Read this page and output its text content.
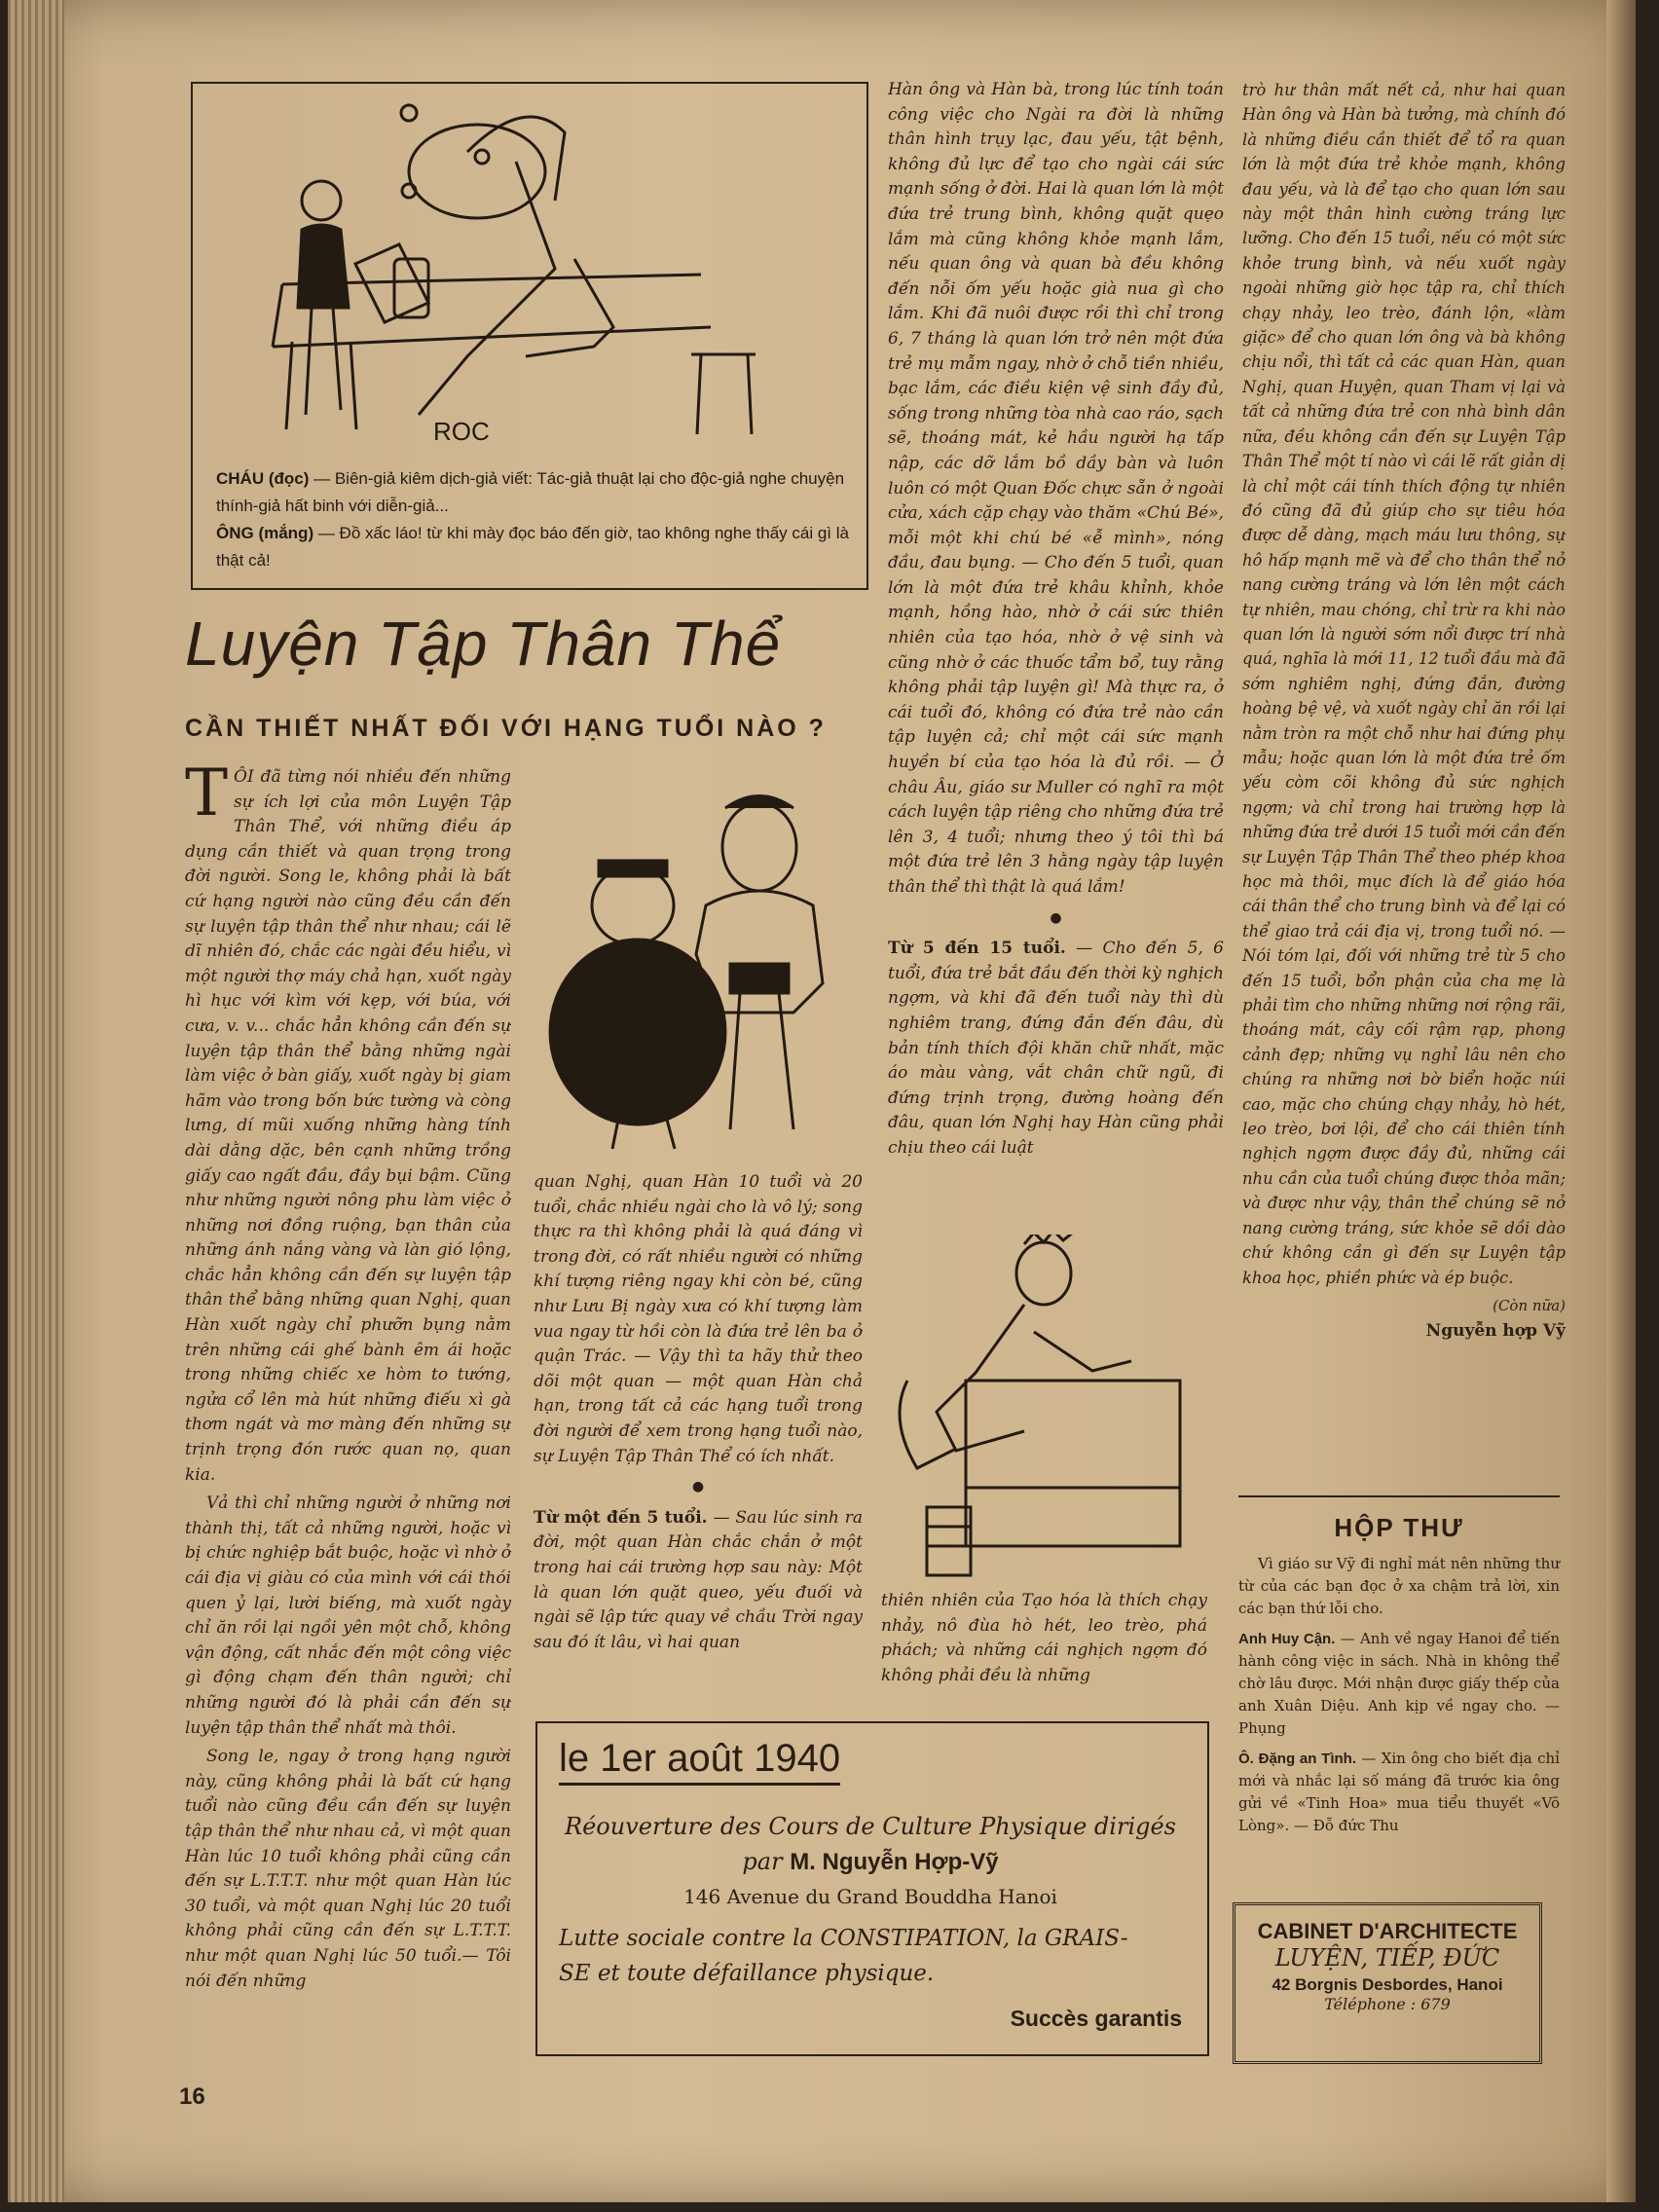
ROC
CHÁU (đọc) — Biên-giả kiêm dịch-giả viết: Tác-giả thuật lại cho độc-giả nghe chuyện thính-giả hất binh với diễn-giả...
ÔNG (mắng) — Đồ xấc láo! từ khi mày đọc báo đến giờ, tao không nghe thấy cái gì là thật cả!
Luyện Tập Thân Thể
CẦN THIẾT NHẤT ĐỐI VỚI HẠNG TUỔI NÀO ?

TÔI đã từng nói nhiều đến những sự ích lợi của môn Luyện Tập Thân Thể, với những điều áp dụng cần thiết và quan trọng trong đời người. Song le, không phải là bất cứ hạng người nào cũng đều cần đến sự luyện tập thân thể như nhau; cái lẽ dĩ nhiên đó, chắc các ngài đều hiểu, vì một người thợ máy chả hạn, xuốt ngày hì hục với kìm với kẹp, với búa, với cưa, v. v... chắc hẳn không cần đến sự luyện tập thân thể bằng những ngài làm việc ở bàn giấy, xuốt ngày bị giam hãm vào trong bốn bức tường và còng lưng, dí mũi xuống những hàng tính dài dằng dặc, bên cạnh những trồng giấy cao ngất đầu, đầy bụi bậm. Cũng như những người nông phu làm việc ở những nơi đồng ruộng, bạn thân của những ánh nắng vàng và làn gió lộng, chắc hẳn không cần đến sự luyện tập thân thể bằng những quan Nghị, quan Hàn xuốt ngày chỉ phưỡn bụng nằm trên những cái ghế bành êm ái hoặc trong những chiếc xe hòm to tướng, ngửa cổ lên mà hút những điếu xì gà thơm ngát và mơ màng đến những sự trịnh trọng đón rước quan nọ, quan kia.

Vả thì chỉ những người ở những nơi thành thị, tất cả những người, hoặc vì bị chức nghiệp bắt buộc, hoặc vì nhờ ở cái địa vị giàu có của mình với cái thói quen ỷ lại, lười biếng, mà xuốt ngày chỉ ăn rồi lại ngồi yên một chỗ, không vận động, cất nhắc đến một công việc gì động chạm đến thân người; chỉ những người đó là phải cần đến sự luyện tập thân thể nhất mà thôi.

Song le, ngay ở trong hạng người này, cũng không phải là bất cứ hạng tuổi nào cũng đều cần đến sự luyện tập thân thể như nhau cả, vì một quan Hàn lúc 10 tuổi không phải cũng cần đến sự L.T.T.T. như một quan Hàn lúc 30 tuổi, và một quan Nghị lúc 20 tuổi không phải cũng cần đến sự L.T.T.T. như một quan Nghị lúc 50 tuổi.— Tôi nói đến những

quan Nghị, quan Hàn 10 tuổi và 20 tuổi, chắc nhiều ngài cho là vô lý; song thực ra thì không phải là quá đáng vì trong đời, có rất nhiều người có những khí tượng riêng ngay khi còn bé, cũng như Lưu Bị ngày xưa có khí tượng làm vua ngay từ hồi còn là đứa trẻ lên ba ở quận Trác. — Vậy thì ta hãy thử theo dõi một quan — một quan Hàn chả hạn, trong tất cả các hạng tuổi trong đời người để xem trong hạng tuổi nào, sự Luyện Tập Thân Thể có ích nhất.

●

Từ một đến 5 tuổi. — Sau lúc sinh ra đời, một quan Hàn chắc chắn ở một trong hai cái trường hợp sau này: Một là quan lớn quặt queo, yếu đuối và ngài sẽ lập tức quay về chầu Trời ngay sau đó ít lâu, vì hai quan

Hàn ông và Hàn bà, trong lúc tính toán công việc cho Ngài ra đời là những thân hình trụy lạc, đau yếu, tật bệnh, không đủ lực để tạo cho ngài cái sức mạnh sống ở đời. Hai là quan lớn là một đứa trẻ trung bình, không quặt quẹo lắm mà cũng không khỏe mạnh lắm, nếu quan ông và quan bà đều không đến nỗi ốm yếu hoặc già nua gì cho lắm. Khi đã nuôi được rồi thì chỉ trong 6, 7 tháng là quan lớn trở nên một đứa trẻ mụ mẫm ngay, nhờ ở chỗ tiền nhiều, bạc lắm, các điều kiện vệ sinh đầy đủ, sống trong những tòa nhà cao ráo, sạch sẽ, thoáng mát, kẻ hầu người hạ tấp nập, các dỡ lắm bồ dầy bàn và luôn luôn có một Quan Đốc chực sẵn ở ngoài cửa, xách cặp chạy vào thăm «Chú Bé», mỗi một khi chú bé «ễ mình», nóng đầu, đau bụng. — Cho đến 5 tuổi, quan lớn là một đứa trẻ khâu khỉnh, khỏe mạnh, hồng hào, nhờ ở cái sức thiên nhiên của tạo hóa, nhờ ở vệ sinh và cũng nhờ ở các thuốc tẩm bổ, tuy rằng không phải tập luyện gì! Mà thực ra, ở cái tuổi đó, không có đứa trẻ nào cần tập luyện cả; chỉ một cái sức mạnh huyền bí của tạo hóa là đủ rồi. — Ở châu Âu, giáo sư Muller có nghĩ ra một cách luyện tập riêng cho những đứa trẻ lên 3, 4 tuổi; nhưng theo ý tôi thì bá một đứa trẻ lên 3 hằng ngày tập luyện thân thể thì thật là quá lắm!

●

Từ 5 đến 15 tuổi. — Cho đến 5, 6 tuổi, đứa trẻ bắt đầu đến thời kỳ nghịch ngợm, và khi đã đến tuổi này thì dù nghiêm trang, đứng đắn đến đâu, dù bản tính thích đội khăn chữ nhất, mặc áo màu vàng, vắt chân chữ ngũ, đi đứng trịnh trọng, đường hoàng đến đâu, quan lớn Nghị hay Hàn cũng phải chịu theo cái luật

thiên nhiên của Tạo hóa là thích chạy nhảy, nô đùa hò hét, leo trèo, phá phách; và những cái nghịch ngợm đó không phải đều là những

trò hư thân mất nết cả, như hai quan Hàn ông và Hàn bà tưởng, mà chính đó là những điều cần thiết để tổ ra quan lớn là một đứa trẻ khỏe mạnh, không đau yếu, và là để tạo cho quan lớn sau này một thân hình cường tráng lực lưỡng. Cho đến 15 tuổi, nếu có một sức khỏe trung bình, và nếu xuốt ngày ngoài những giờ học tập ra, chỉ thích chạy nhảy, leo trèo, đánh lộn, «làm giặc» để cho quan lớn ông và bà không chịu nổi, thì tất cả các quan Hàn, quan Nghị, quan Huyện, quan Tham vị lại và tất cả những đứa trẻ con nhà bình dân nữa, đều không cần đến sự Luyện Tập Thân Thể một tí nào vì cái lẽ rất giản dị là chỉ một cái tính thích động tự nhiên đó cũng đã đủ giúp cho sự tiêu hóa được dễ dàng, mạch máu lưu thông, sự hô hấp mạnh mẽ và để cho thân thể nở nang cường tráng và lớn lên một cách tự nhiên, mau chóng, chỉ trừ ra khi nào quan lớn là người sớm nổi được trí nhà quá, nghĩa là mới 11, 12 tuổi đầu mà đã sớm nghiêm nghị, đứng đắn, đường hoàng bệ vệ, và xuốt ngày chỉ ăn rồi lại nằm tròn ra một chỗ như hai đứng phụ mẫu; hoặc quan lớn là một đứa trẻ ốm yếu còm cõi không đủ sức nghịch ngợm; và chỉ trong hai trường hợp là những đứa trẻ dưới 15 tuổi mới cần đến sự Luyện Tập Thân Thể theo phép khoa học mà thôi, mục đích là để giáo hóa cái thân thể cho trung bình và để lại có thể giao trả cái địa vị, trong tuổi nó. — Nói tóm lại, đối với những trẻ từ 5 cho đến 15 tuổi, bổn phận của cha mẹ là phải tìm cho những những nơi rộng rãi, thoáng mát, cây cối rậm rạp, phong cảnh đẹp; những vụ nghỉ lâu nên cho chúng ra những nơi bờ biển hoặc núi cao, mặc cho chúng chạy nhảy, hò hét, leo trèo, bơi lội, để cho cái thiên tính nghịch ngợm được đầy đủ, những cái nhu cần của tuổi chúng được thỏa mãn; và được như vậy, thân thể chúng sẽ nở nang cường tráng, sức khỏe sẽ dồi dào chứ không cần gì đến sự Luyện tập khoa học, phiền phức và ép buộc.

(Còn nữa)
Nguyễn hợp Vỹ
HỘP THƯ
Vì giáo sư Vỹ đi nghỉ mát nên những thư từ của các bạn đọc ở xa chậm trả lời, xin các bạn thứ lỗi cho.
Anh Huy Cận. — Anh về ngay Hanoi để tiến hành công việc in sách. Nhà in không thể chờ lâu được. Mới nhận được giấy thếp của anh Xuân Diệu. Anh kịp về ngay cho. — Phụng
Ô. Đặng an Tình. — Xin ông cho biết địa chỉ mới và nhắc lại số máng đã trước kia ông gửi về «Tinh Hoa» mua tiểu thuyết «Võ Lòng». — Đỗ đức Thu
le 1er août 1940
Réouverture des Cours de Culture Physique dirigés
par M. Nguyễn Hợp-Vỹ
146 Avenue du Grand Bouddha Hanoi
Lutte sociale contre la CONSTIPATION, la GRAIS-
SE et toute défaillance physique.
Succès garantis
CABINET D'ARCHITECTE
LUYỆN, TIẾP, ĐỨC
42 Borgnis Desbordes, Hanoi
Téléphone : 679
16
